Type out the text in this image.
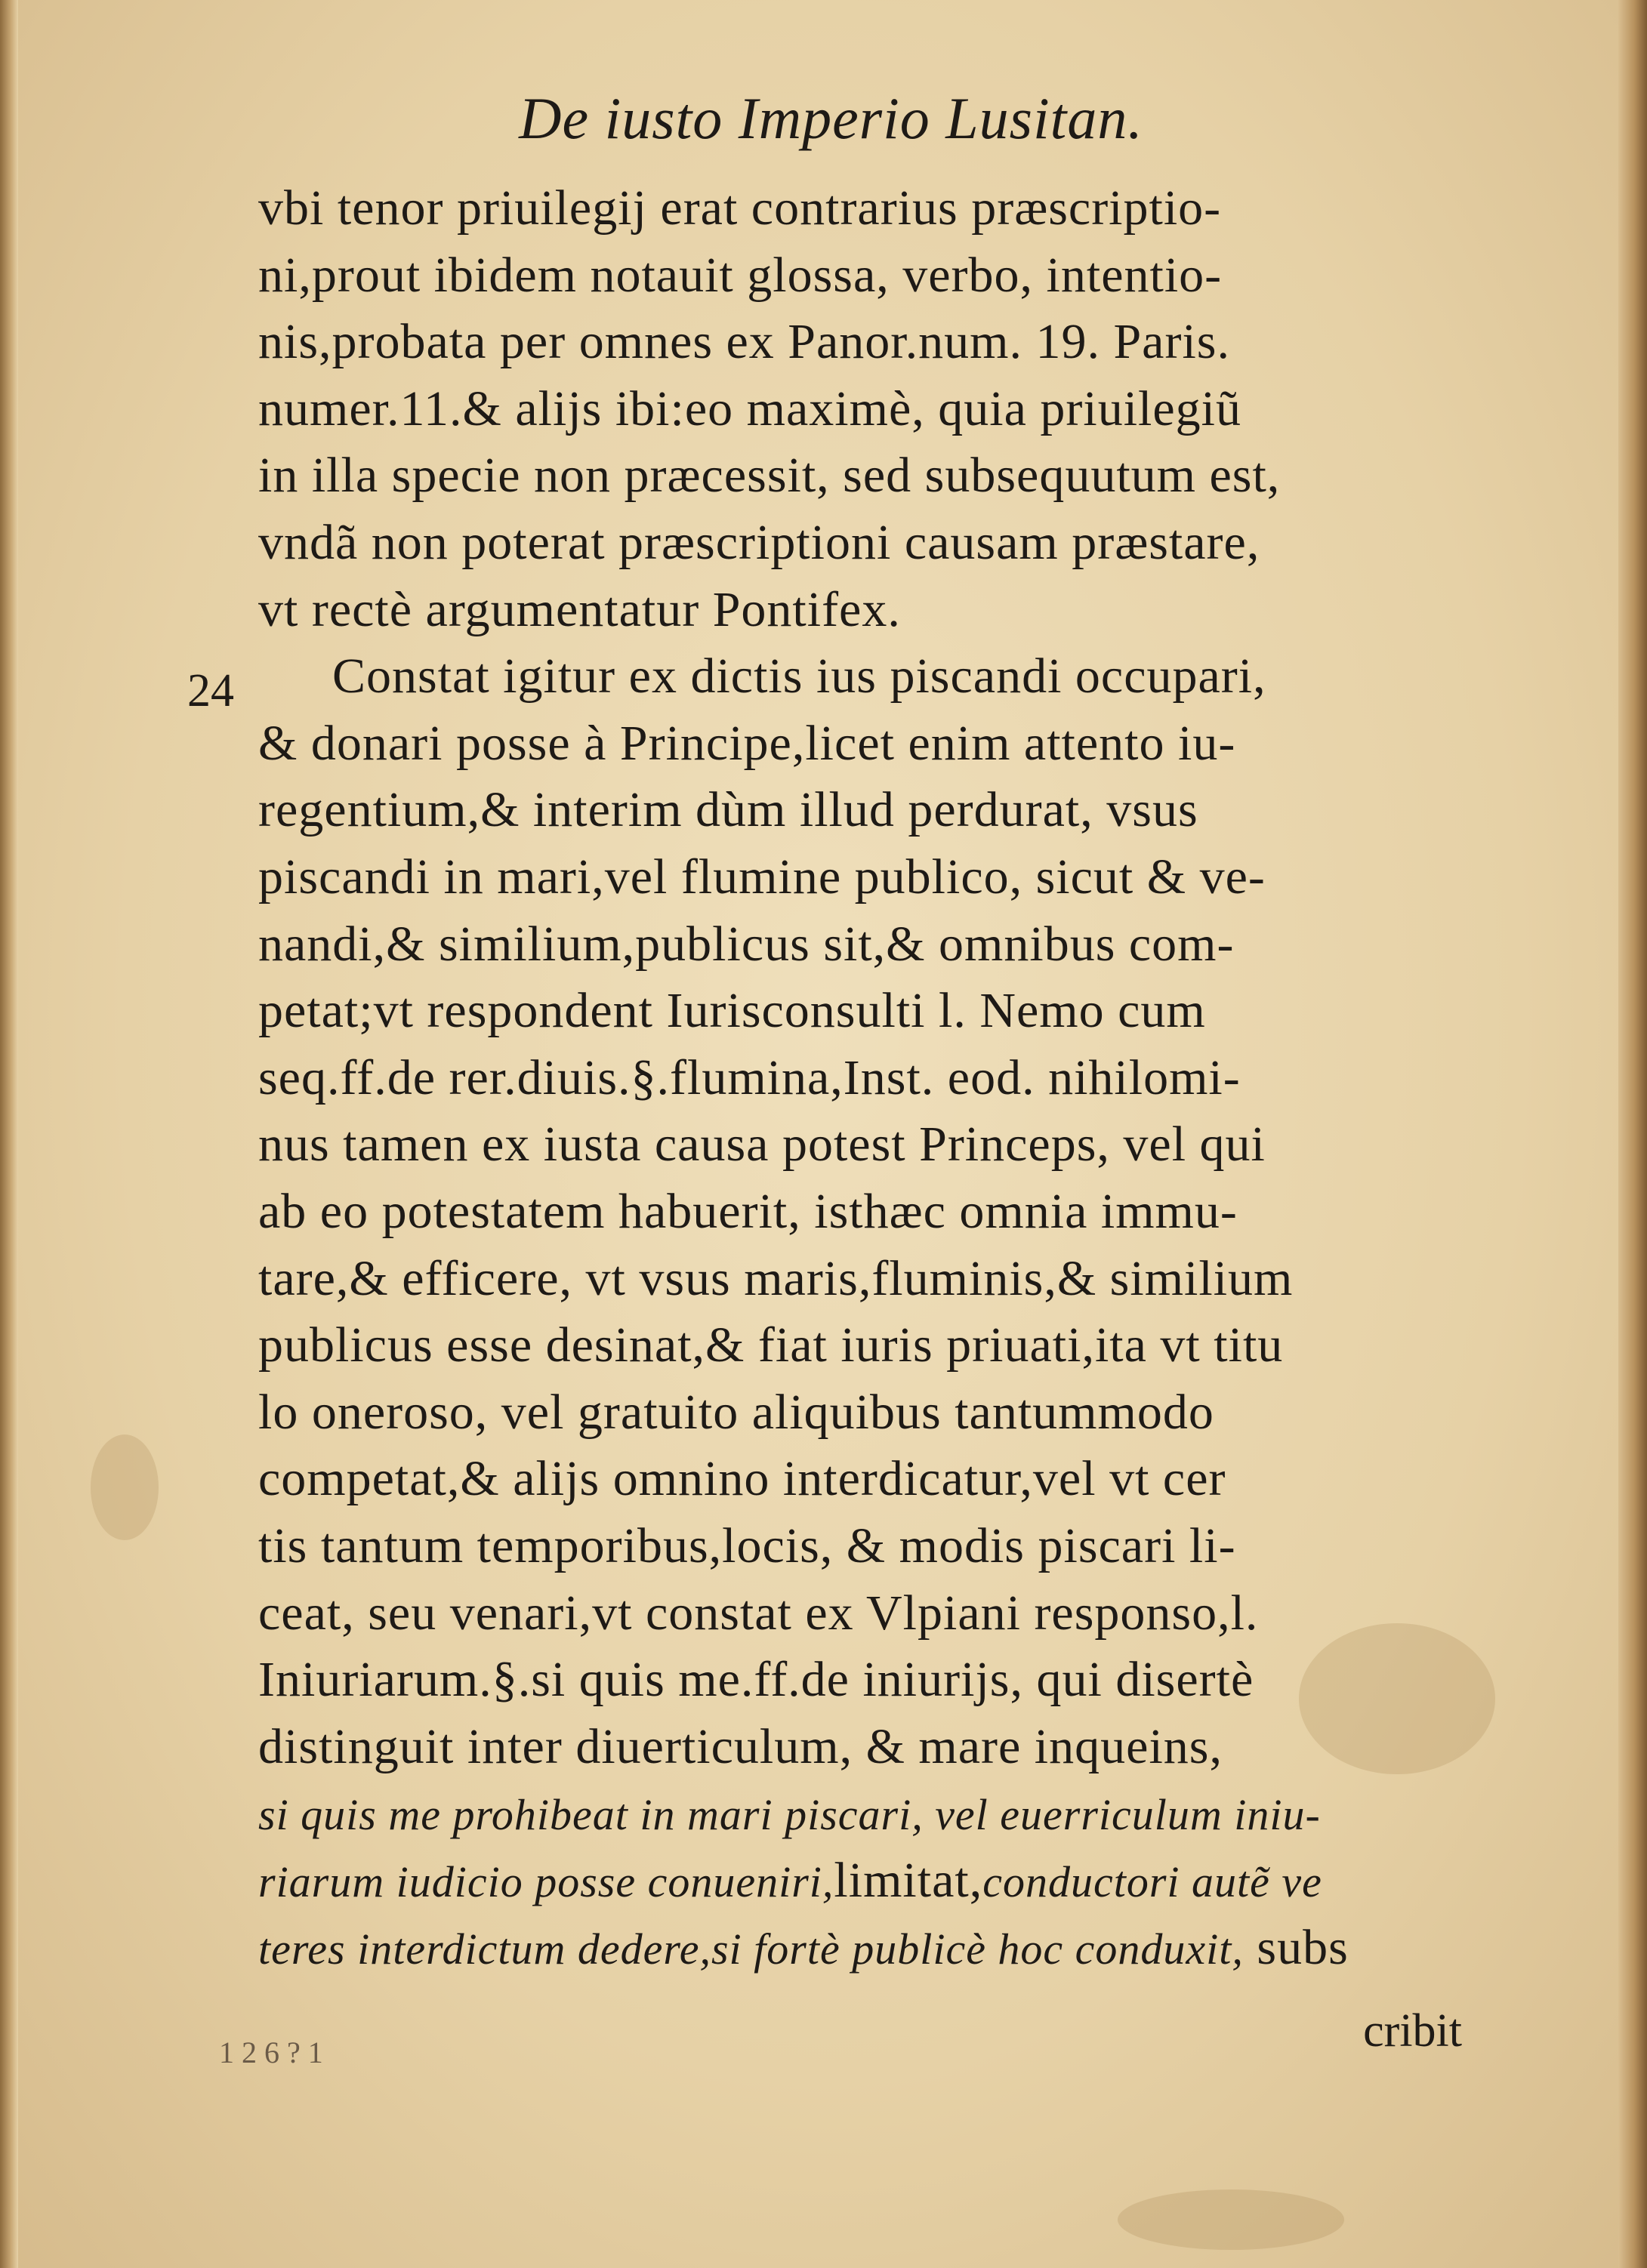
De iusto Imperio Lusitan.
24
vbi tenor priuilegij erat contrarius præscriptio-
ni,prout ibidem notauit glossa, verbo, intentio-
nis,probata per omnes ex Panor.num. 19. Paris.
numer.11.& alijs ibi:eo maximè, quia priuilegiũ
in illa specie non præcessit, sed subsequutum est,
vndã non poterat præscriptioni causam præstare,
vt rectè argumentatur Pontifex.
Constat igitur ex dictis ius piscandi occupari,
& donari posse à Principe,licet enim attento iu-
regentium,& interim dùm illud perdurat, vsus
piscandi in mari,vel flumine publico, sicut & ve-
nandi,& similium,publicus sit,& omnibus com-
petat;vt respondent Iurisconsulti l. Nemo cum
seq.ff.de rer.diuis.§.flumina,Inst. eod. nihilomi-
nus tamen ex iusta causa potest Princeps, vel qui
ab eo potestatem habuerit, isthæc omnia immu-
tare,& efficere, vt vsus maris,fluminis,& similium
publicus esse desinat,& fiat iuris priuati,ita vt titu
lo oneroso, vel gratuito aliquibus tantummodo
competat,& alijs omnino interdicatur,vel vt cer
tis tantum temporibus,locis, & modis piscari li-
ceat, seu venari,vt constat ex Vlpiani responso,l.
Iniuriarum.§.si quis me.ff.de iniurijs, qui disertè
distinguit inter diuerticulum, & mare inqueins,
si quis me prohibeat in mari piscari, vel euerriculum iniu-
riarum iudicio posse conueniri,limitat,conductori autẽ ve
teres interdictum dedere,si fortè publicè hoc conduxit, subs
cribit
1 2 6 ? 1
